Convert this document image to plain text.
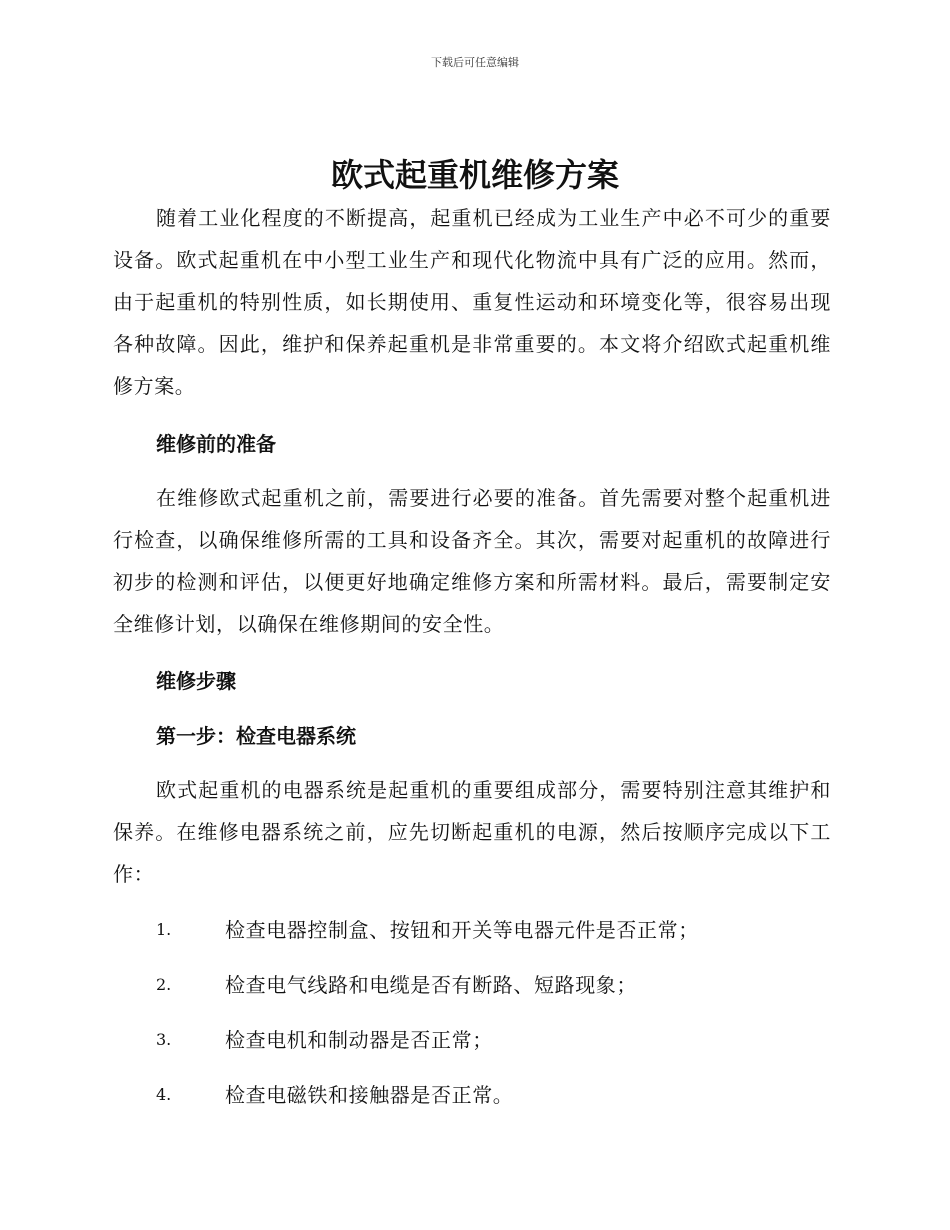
下载后可任意编辑
欧式起重机维修方案

随着工业化程度的不断提高，起重机已经成为工业生产中必不可少的重要设备。欧式起重机在中小型工业生产和现代化物流中具有广泛的应用。然而，由于起重机的特别性质，如长期使用、重复性运动和环境变化等，很容易出现各种故障。因此，维护和保养起重机是非常重要的。本文将介绍欧式起重机维修方案。

维修前的准备

在维修欧式起重机之前，需要进行必要的准备。首先需要对整个起重机进行检查，以确保维修所需的工具和设备齐全。其次，需要对起重机的故障进行初步的检测和评估，以便更好地确定维修方案和所需材料。最后，需要制定安全维修计划，以确保在维修期间的安全性。

维修步骤

第一步：检查电器系统

欧式起重机的电器系统是起重机的重要组成部分，需要特别注意其维护和保养。在维修电器系统之前，应先切断起重机的电源，然后按顺序完成以下工作：

1.	检查电器控制盒、按钮和开关等电器元件是否正常；
2.	检查电气线路和电缆是否有断路、短路现象；
3.	检查电机和制动器是否正常；
4.	检查电磁铁和接触器是否正常。
